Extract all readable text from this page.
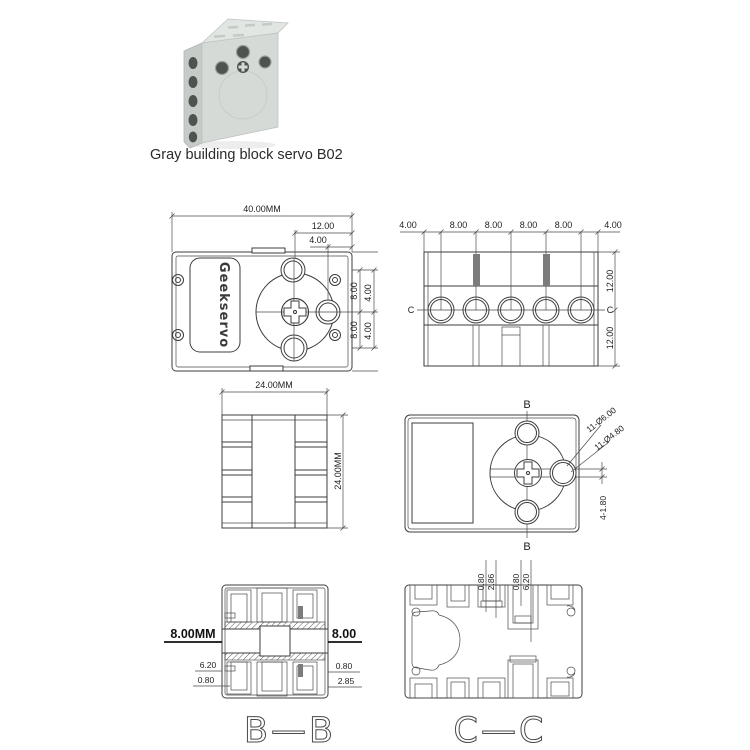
Gray building block servo B02
Geekservo
40.00MM
12.00
4.00
8.00
8.00
4.00
4.00
4.00	8.00 8.00 8.00 8.00	4.00
C	C
12.00
12.00
24.00MM
24.00MM
B
B
11-Ø6.00
11-Ø4.80
4-1.80
8.00MM	8.00
6.20
0.80
0.80
2.85
0.80 2.86 0.80 6.20
B—B	C—C
